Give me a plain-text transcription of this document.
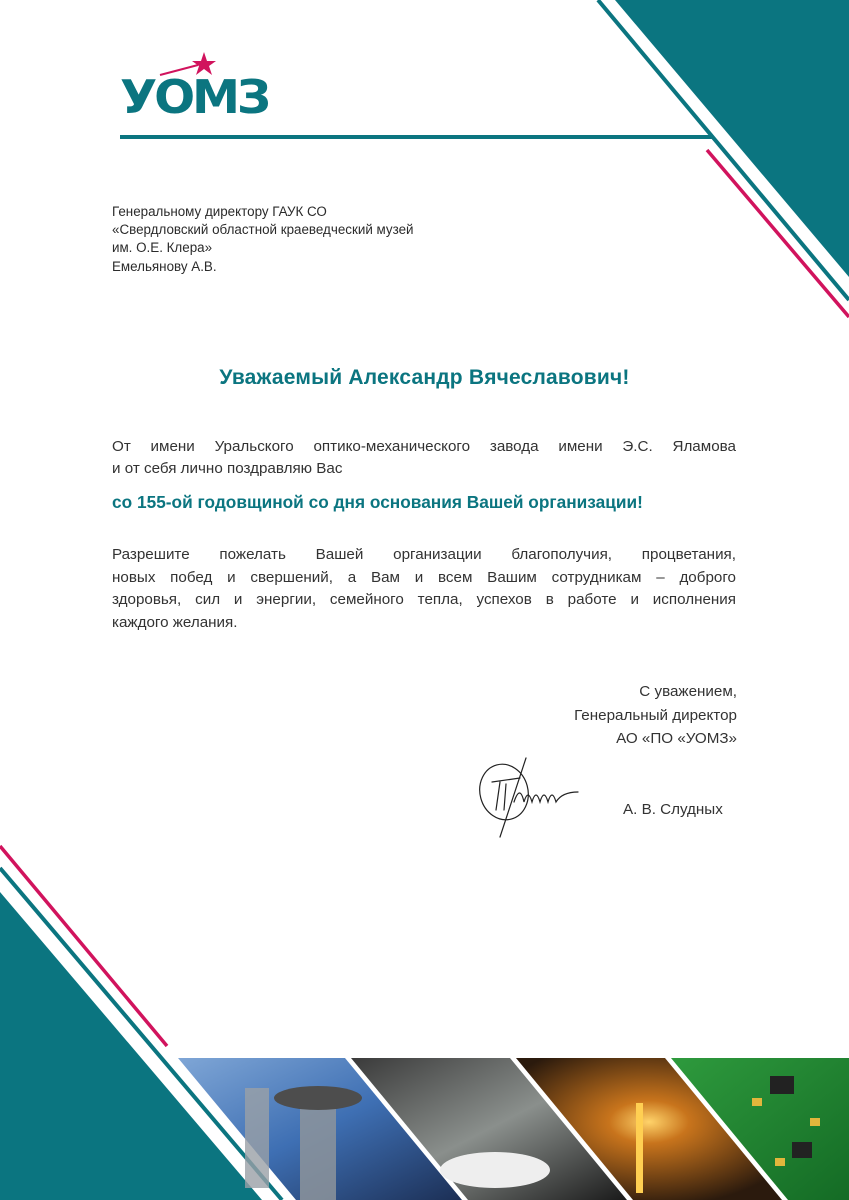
УОМЗ
Генеральному директору ГАУК СО
«Свердловский областной краеведческий музей
им. О.Е. Клера»
Емельянову А.В.
Уважаемый Александр Вячеславович!
От имени Уральского оптико-механического завода имени Э.С. Яламова
и от себя лично поздравляю Вас
со 155-ой годовщиной со дня основания Вашей организации!
Разрешите пожелать Вашей организации благополучия, процветания,
новых побед и свершений, а Вам и всем Вашим сотрудникам – доброго
здоровья, сил и энергии, семейного тепла, успехов в работе и исполнения
каждого желания.
С уважением,
Генеральный директор
АО «ПО «УОМЗ»
А. В. Слудных
